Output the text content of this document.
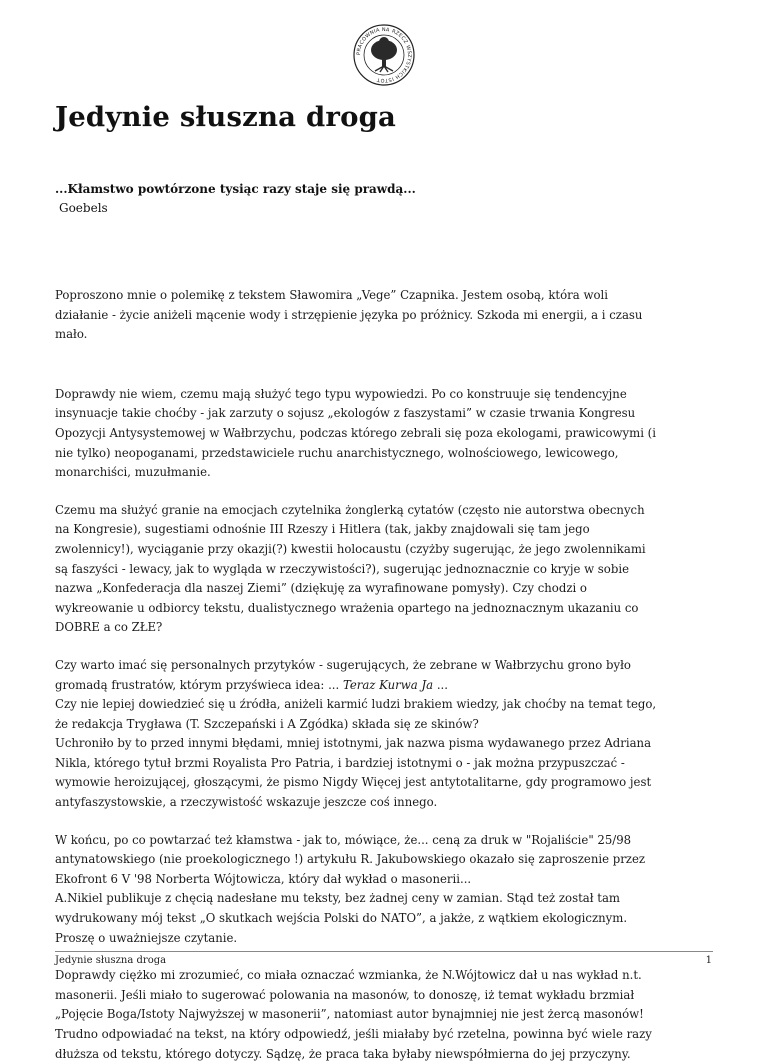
PRACOWNIA NA RZECZ WSZYSTKICH ISTOT
Jedynie słuszna droga
...Kłamstwo powtórzone tysiąc razy staje się prawdą...
Goebels

Poproszono mnie o polemikę z tekstem Sławomira „Vege” Czapnika. Jestem osobą, która woli
działanie - życie aniżeli mącenie wody i strzępienie języka po próżnicy. Szkoda mi energii, a i czasu
mało.

Doprawdy nie wiem, czemu mają służyć tego typu wypowiedzi. Po co konstruuje się tendencyjne
insynuacje takie choćby - jak zarzuty o sojusz „ekologów z faszystami” w czasie trwania Kongresu
Opozycji Antysystemowej w Wałbrzychu, podczas którego zebrali się poza ekologami, prawicowymi (i
nie tylko) neopoganami, przedstawiciele ruchu anarchistycznego, wolnościowego, lewicowego,
monarchiści, muzułmanie.

Czemu ma służyć granie na emocjach czytelnika żonglerką cytatów (często nie autorstwa obecnych
na Kongresie), sugestiami odnośnie III Rzeszy i Hitlera (tak, jakby znajdowali się tam jego
zwolennicy!), wyciąganie przy okazji(?) kwestii holocaustu (czyżby sugerując, że jego zwolennikami
są faszyści - lewacy, jak to wygląda w rzeczywistości?), sugerując jednoznacznie co kryje w sobie
nazwa „Konfederacja dla naszej Ziemi” (dziękuję za wyrafinowane pomysły). Czy chodzi o
wykreowanie u odbiorcy tekstu, dualistycznego wrażenia opartego na jednoznacznym ukazaniu co
DOBRE a co ZŁE?

Czy warto imać się personalnych przytyków - sugerujących, że zebrane w Wałbrzychu grono było
gromadą frustratów, którym przyświeca idea: ... Teraz Kurwa Ja ...
Czy nie lepiej dowiedzieć się u źródła, aniżeli karmić ludzi brakiem wiedzy, jak choćby na temat tego,
że redakcja Trygława (T. Szczepański i A Zgódka) składa się ze skinów?
Uchroniło by to przed innymi błędami, mniej istotnymi, jak nazwa pisma wydawanego przez Adriana
Nikla, którego tytuł brzmi Royalista Pro Patria, i bardziej istotnymi o - jak można przypuszczać -
wymowie heroizującej, głoszącymi, że pismo Nigdy Więcej jest antytotalitarne, gdy programowo jest
antyfaszystowskie, a rzeczywistość wskazuje jeszcze coś innego.

W końcu, po co powtarzać też kłamstwa - jak to, mówiące, że... ceną za druk w "Rojaliście" 25/98
antynatowskiego (nie proekologicznego !) artykułu R. Jakubowskiego okazało się zaproszenie przez
Ekofront 6 V '98 Norberta Wójtowicza, który dał wykład o masonerii...
A.Nikiel publikuje z chęcią nadesłane mu teksty, bez żadnej ceny w zamian. Stąd też został tam
wydrukowany mój tekst „O skutkach wejścia Polski do NATO”, a jakże, z wątkiem ekologicznym.
Proszę o uważniejsze czytanie.

Doprawdy ciężko mi zrozumieć, co miała oznaczać wzmianka, że N.Wójtowicz dał u nas wykład n.t.
masonerii. Jeśli miało to sugerować polowania na masonów, to donoszę, iż temat wykładu brzmiał
„Pojęcie Boga/Istoty Najwyższej w masonerii”, natomiast autor bynajmniej nie jest żercą masonów!
Trudno odpowiadać na tekst, na który odpowiedź, jeśli miałaby być rzetelna, powinna być wiele razy
dłuższa od tekstu, którego dotyczy. Sądzę, że praca taka byłaby niewspółmierna do jej przyczyny.

Jedynie słuszna droga	1
